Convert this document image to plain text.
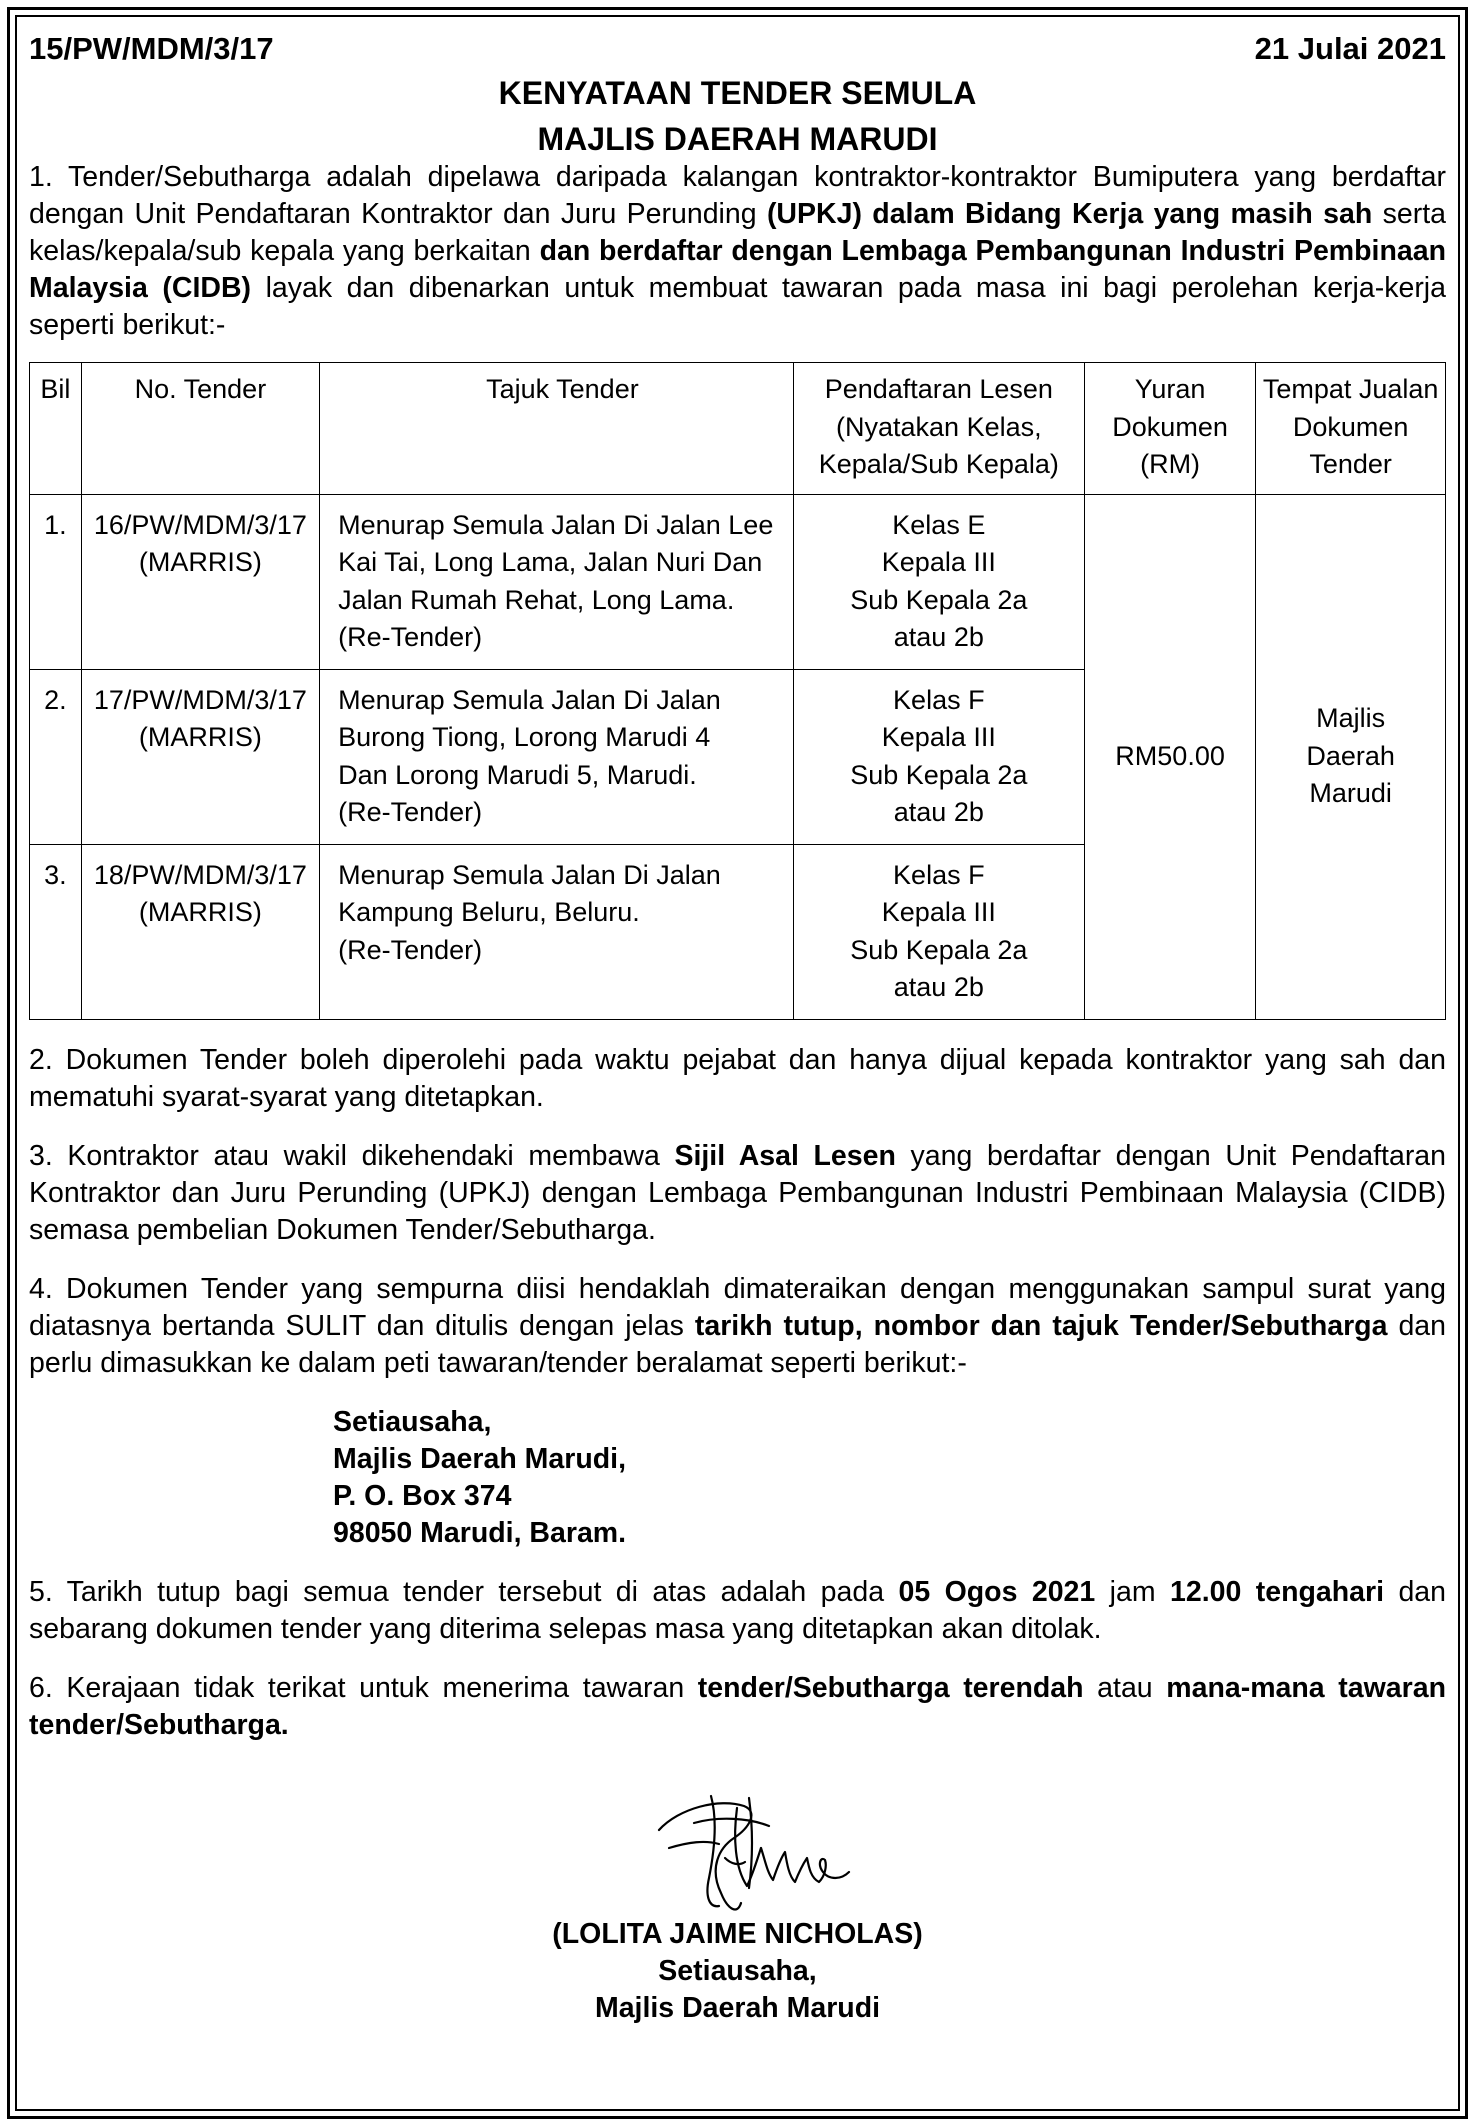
15/PW/MDM/3/17	21 Julai 2021
KENYATAAN TENDER SEMULA
MAJLIS DAERAH MARUDI

1. Tender/Sebutharga adalah dipelawa daripada kalangan kontraktor-kontraktor Bumiputera yang berdaftar dengan Unit Pendaftaran Kontraktor dan Juru Perunding (UPKJ) dalam Bidang Kerja yang masih sah serta kelas/kepala/sub kepala yang berkaitan dan berdaftar dengan Lembaga Pembangunan Industri Pembinaan Malaysia (CIDB) layak dan dibenarkan untuk membuat tawaran pada masa ini bagi perolehan kerja-kerja seperti berikut:-

Bil	No. Tender	Tajuk Tender	Pendaftaran Lesen
(Nyatakan Kelas,
Kepala/Sub Kepala)	Yuran
Dokumen
(RM)	Tempat Jualan
Dokumen
Tender

1.	16/PW/MDM/3/17
(MARRIS)	Menurap Semula Jalan Di Jalan Lee
Kai Tai, Long Lama, Jalan Nuri Dan
Jalan Rumah Rehat, Long Lama.
(Re-Tender)	Kelas E
Kepala III
Sub Kepala 2a
atau 2b	RM50.00	Majlis
Daerah
Marudi

2.	17/PW/MDM/3/17
(MARRIS)	Menurap Semula Jalan Di Jalan
Burong Tiong, Lorong Marudi 4
Dan Lorong Marudi 5, Marudi.
(Re-Tender)	Kelas F
Kepala III
Sub Kepala 2a
atau 2b		

3.	18/PW/MDM/3/17
(MARRIS)	Menurap Semula Jalan Di Jalan
Kampung Beluru, Beluru.
(Re-Tender)	Kelas F
Kepala III
Sub Kepala 2a
atau 2b		

2. Dokumen Tender boleh diperolehi pada waktu pejabat dan hanya dijual kepada kontraktor yang sah dan mematuhi syarat-syarat yang ditetapkan.

3. Kontraktor atau wakil dikehendaki membawa Sijil Asal Lesen yang berdaftar dengan Unit Pendaftaran Kontraktor dan Juru Perunding (UPKJ) dengan Lembaga Pembangunan Industri Pembinaan Malaysia (CIDB) semasa pembelian Dokumen Tender/Sebutharga.

4. Dokumen Tender yang sempurna diisi hendaklah dimateraikan dengan menggunakan sampul surat yang diatasnya bertanda SULIT dan ditulis dengan jelas tarikh tutup, nombor dan tajuk Tender/Sebutharga dan perlu dimasukkan ke dalam peti tawaran/tender beralamat seperti berikut:-

Setiausaha,
Majlis Daerah Marudi,
P. O. Box 374
98050 Marudi, Baram.

5. Tarikh tutup bagi semua tender tersebut di atas adalah pada 05 Ogos 2021 jam 12.00 tengahari dan sebarang dokumen tender yang diterima selepas masa yang ditetapkan akan ditolak.

6. Kerajaan tidak terikat untuk menerima tawaran tender/Sebutharga terendah atau mana-mana tawaran tender/Sebutharga.

(LOLITA JAIME NICHOLAS)
Setiausaha,
Majlis Daerah Marudi
